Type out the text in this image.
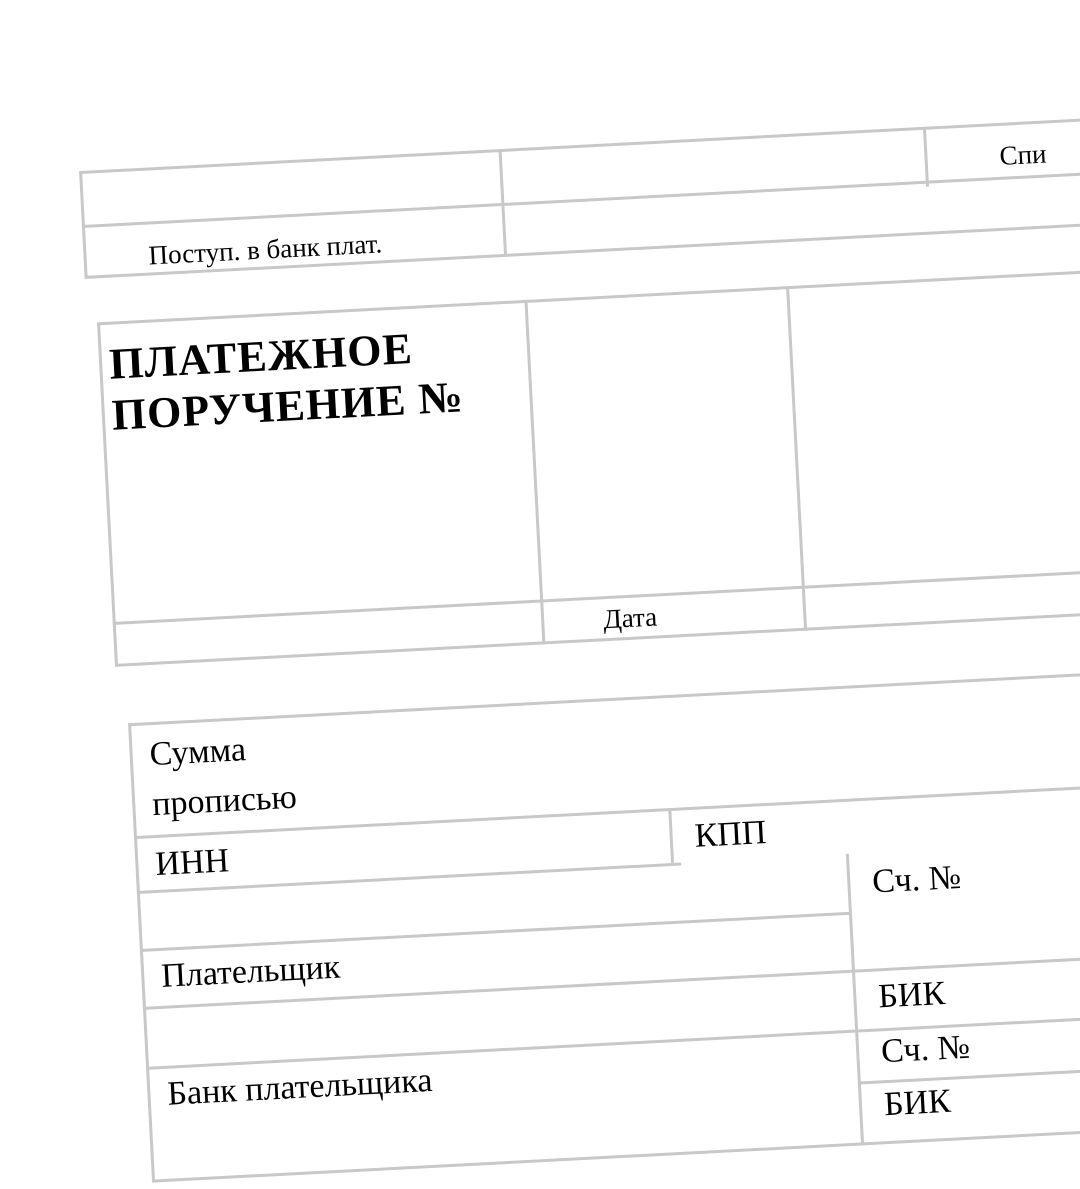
Поступ. в банк плат.
Спи
ПЛАТЕЖНОЕ
ПОРУЧЕНИЕ №
Дата
Сумма
прописью
ИНН
КПП
Сч. №
Плательщик
БИК
Сч. №
Банк плательщика	БИК
